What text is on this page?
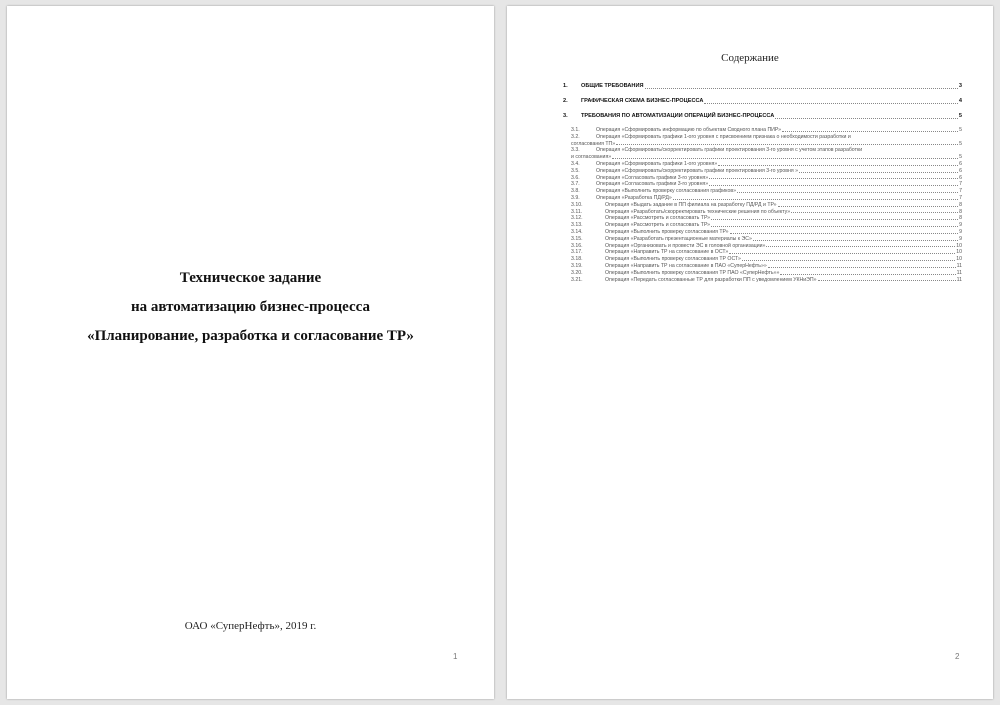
Техническое задание
на автоматизацию бизнес-процесса
«Планирование, разработка и согласование ТР»
ОАО «СуперНефть», 2019 г.
1
Содержание
1.	ОБЩИЕ ТРЕБОВАНИЯ	3
2.	ГРАФИЧЕСКАЯ СХЕМА БИЗНЕС-ПРОЦЕССА	4
3.	ТРЕБОВАНИЯ ПО АВТОМАТИЗАЦИИ ОПЕРАЦИЙ БИЗНЕС-ПРОЦЕССА	5
3.1.	Операция «Сформировать информацию по объектам Сводного плана ПИР»	5
3.2.	Операция «Сформировать графики 1-ого уровня с присвоением признака о необходимости разработки и
согласования ТП»	5
3.3.	Операция «Сформировать/скорректировать графики проектирования 3-го уровня с учетом этапов разработки
и согласования»	5
3.4.	Операция «Сформировать графики 1-ого уровня»	6
3.5.	Операция «Сформировать/скорректировать графики проектирования 3-го уровня »	6
3.6.	Операция «Согласовать графики 3-го уровня»	6
3.7.	Операция «Согласовать графики 3-го уровня»	7
3.8.	Операция «Выполнить проверку согласования графиков»	7
3.9.	Операция «Разработка ПД/РД»	7
3.10.	Операция «Выдать задание в ПП филиала на разработку ПД/РД и ТР»	8
3.11.	Операция «Разработать/скорректировать технические решения по объекту»	8
3.12.	Операция «Рассмотреть и согласовать ТР»	8
3.13.	Операция «Рассмотреть и согласовать ТР»	9
3.14.	Операция «Выполнить проверку согласования ТР»	9
3.15.	Операция «Разработать презентационные материалы к ЭС»	9
3.16.	Операция «Организовать и провести ЭС в головной организации»	10
3.17.	Операция «Направить ТР на согласование в ОСТ»	10
3.18.	Операция «Выполнить проверку согласования ТР ОСТ»	10
3.19.	Операция «Направить ТР на согласование в ПАО «СуперНефть»»	11
3.20.	Операция «Выполнить проверку согласования ТР ПАО «СуперНефть»»	11
3.21.	Операция «Передать согласованные ТР для разработки ПП с уведомлением УКНиЭП»	11
2
